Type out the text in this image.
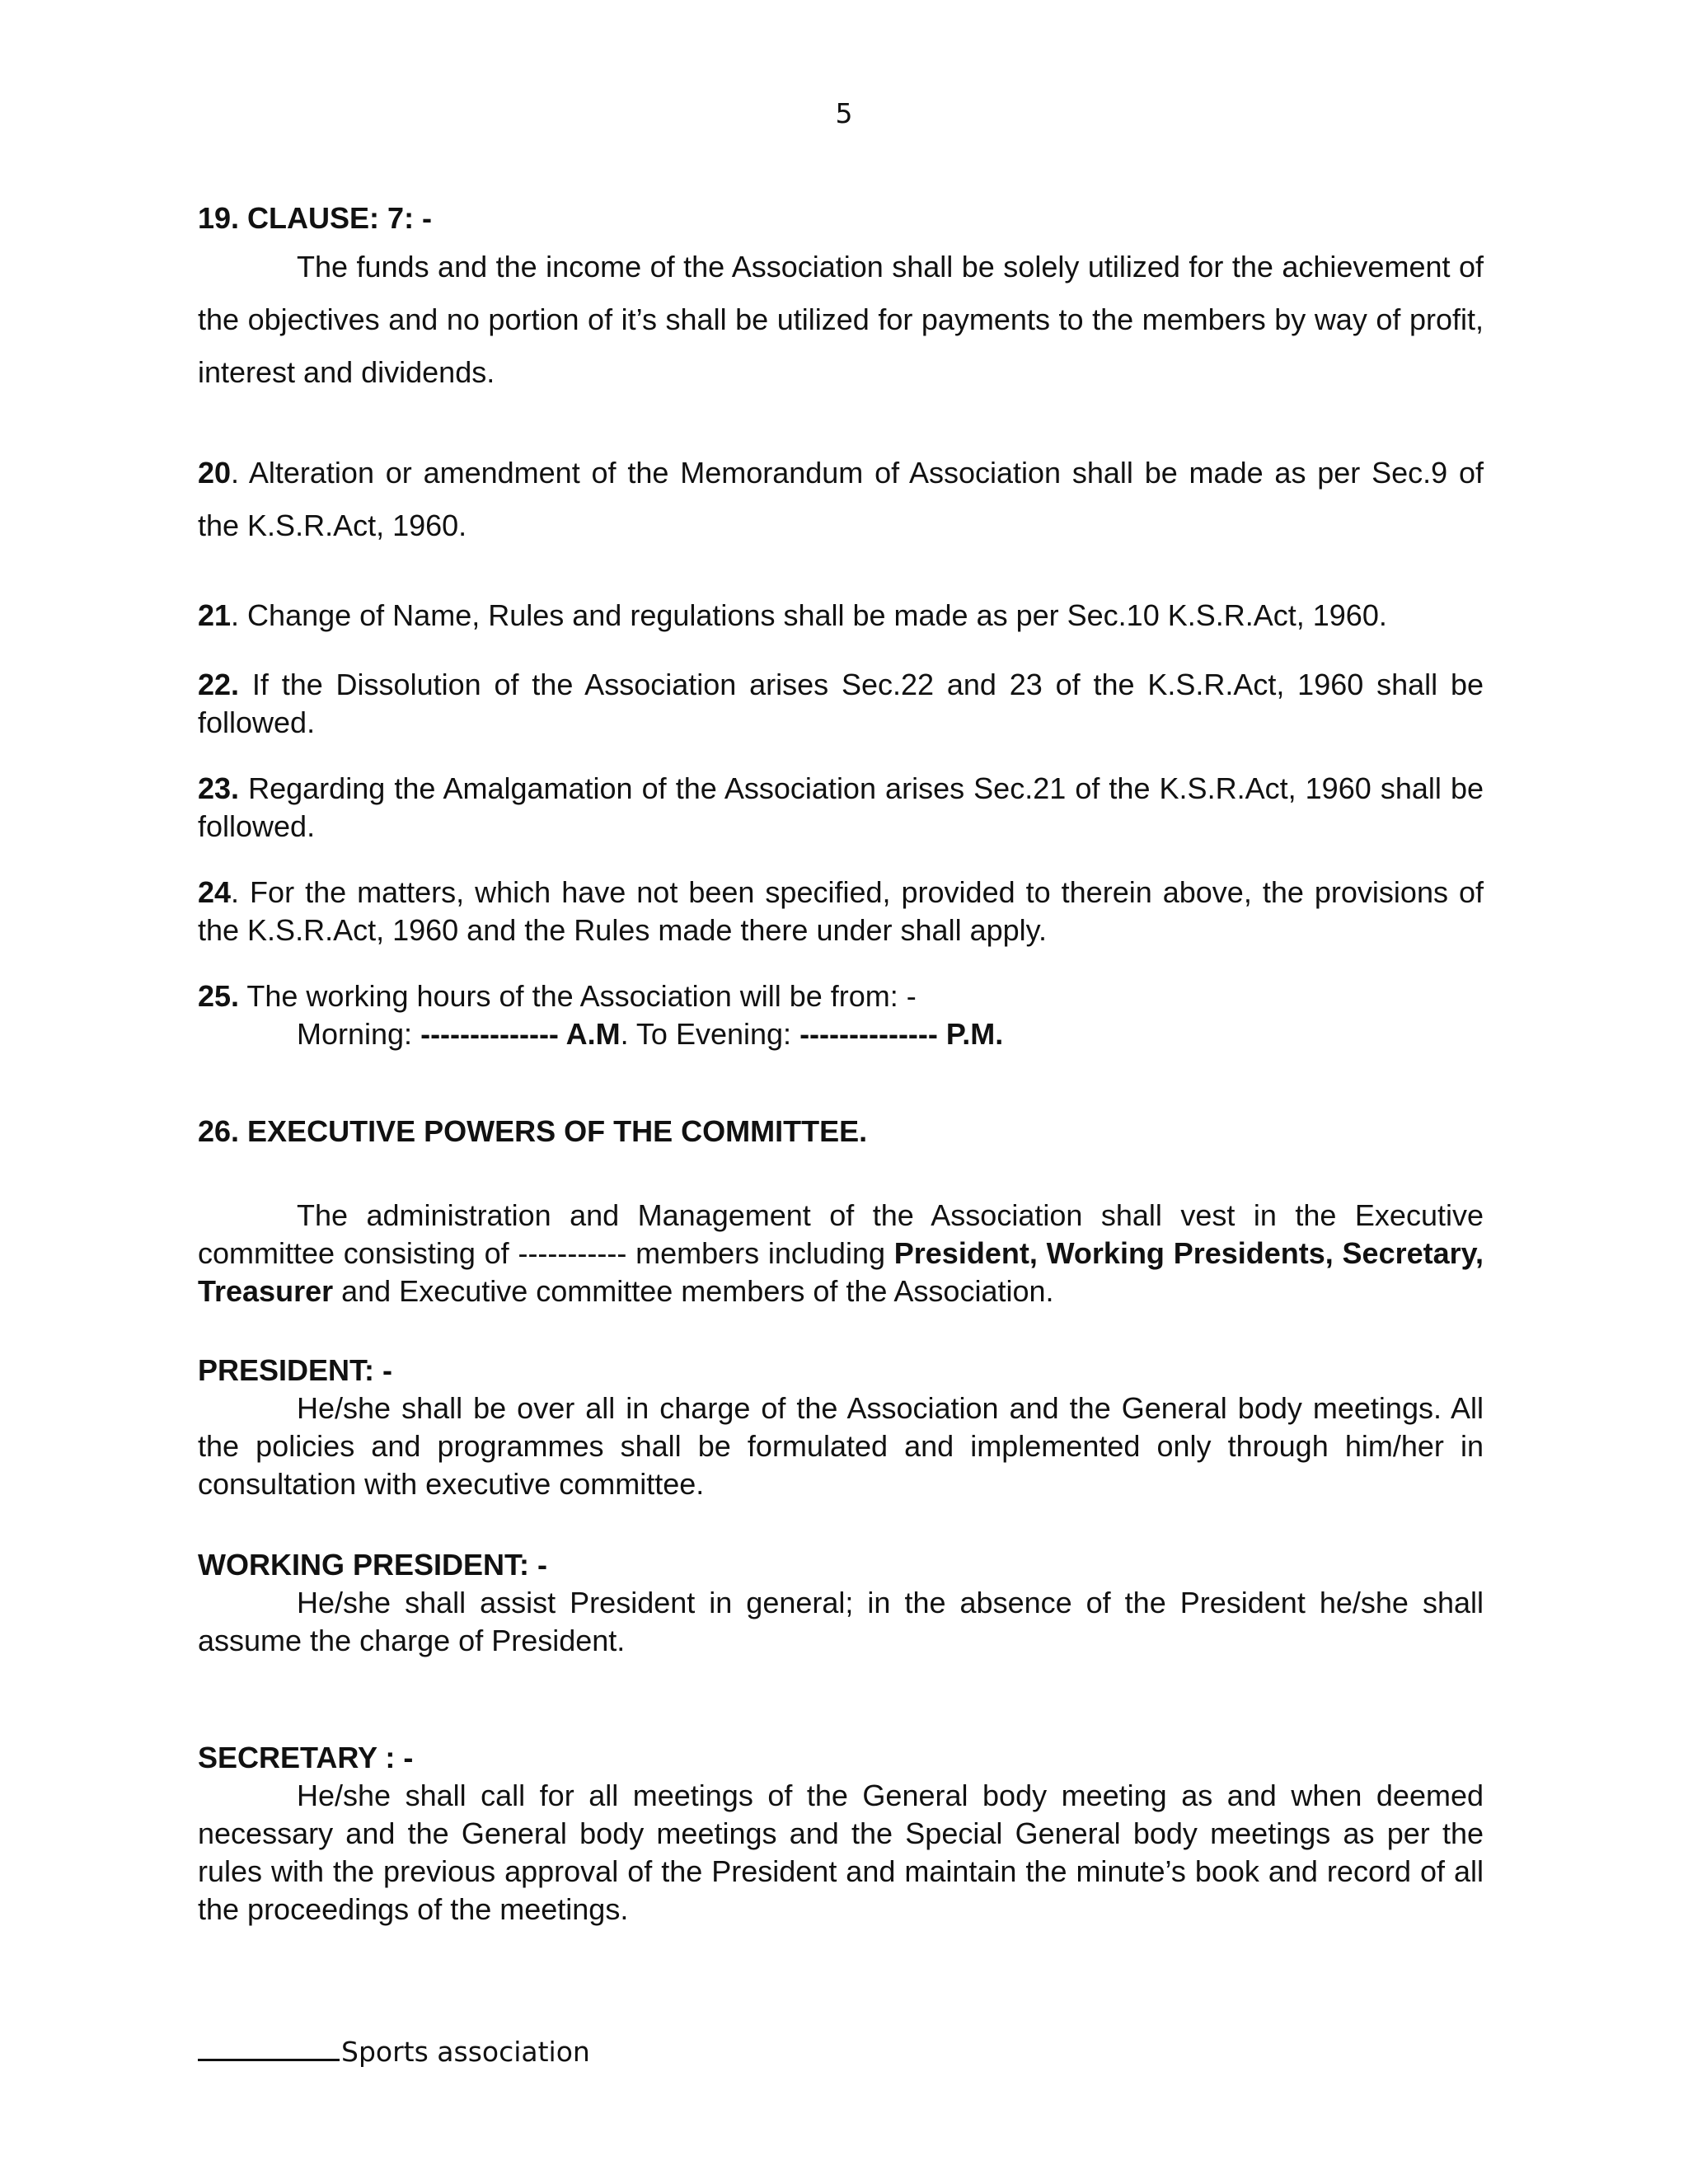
5

19. CLAUSE: 7: -

The funds and the income of the Association shall be solely utilized for the achievement of the objectives and no portion of it’s shall be utilized for payments to the members by way of profit, interest and dividends.

20. Alteration or amendment of the Memorandum of Association shall be made as per Sec.9 of the K.S.R.Act, 1960.

21. Change of Name, Rules and regulations shall be made as per Sec.10 K.S.R.Act, 1960.

22. If the Dissolution of the Association arises Sec.22 and 23 of the K.S.R.Act, 1960 shall be followed.

23. Regarding the Amalgamation of the Association arises Sec.21 of the K.S.R.Act, 1960 shall be followed.

24. For the matters, which have not been specified, provided to therein above, the provisions of the K.S.R.Act, 1960 and the Rules made there under shall apply.

25. The working hours of the Association will be from: -

Morning: -------------- A.M. To Evening: -------------- P.M.

26. EXECUTIVE POWERS OF THE COMMITTEE.

The administration and Management of the Association shall vest in the Executive committee consisting of ----------- members including President, Working Presidents, Secretary, Treasurer and Executive committee members of the Association.

PRESIDENT: -

He/she shall be over all in charge of the Association and the General body meetings. All the policies and programmes shall be formulated and implemented only through him/her in consultation with executive committee.

WORKING PRESIDENT: -

He/she shall assist President in general; in the absence of the President he/she shall assume the charge of President.

SECRETARY : -

He/she shall call for all meetings of the General body meeting as and when deemed necessary and the General body meetings and the Special General body meetings as per the rules with the previous approval of the President and maintain the minute’s book and record of all the proceedings of the meetings.

Sports association
